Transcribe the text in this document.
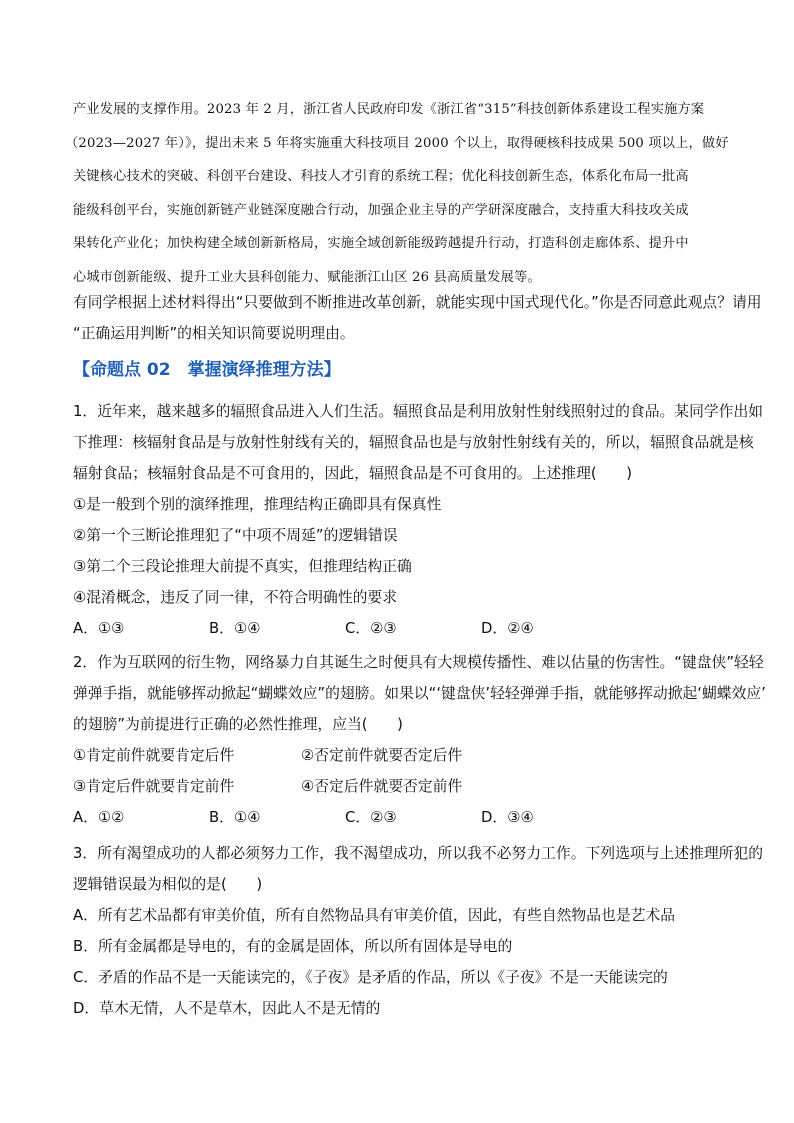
产业发展的支撑作用。2023 年 2 月，浙江省人民政府印发《浙江省“315”科技创新体系建设工程实施方案
（2023—2027 年）》，提出未来 5 年将实施重大科技项目 2000 个以上，取得硬核科技成果 500 项以上，做好
关键核心技术的突破、科创平台建设、科技人才引育的系统工程；优化科技创新生态，体系化布局一批高
能级科创平台，实施创新链产业链深度融合行动，加强企业主导的产学研深度融合，支持重大科技攻关成
果转化产业化；加快构建全域创新新格局，实施全域创新能级跨越提升行动，打造科创走廊体系、提升中
心城市创新能级、提升工业大县科创能力、赋能浙江山区 26 县高质量发展等。
有同学根据上述材料得出“只要做到不断推进改革创新，就能实现中国式现代化。”你是否同意此观点？请用
“正确运用判断”的相关知识简要说明理由。
【命题点 02　掌握演绎推理方法】
1．近年来，越来越多的辐照食品进入人们生活。辐照食品是利用放射性射线照射过的食品。某同学作出如
下推理：核辐射食品是与放射性射线有关的，辐照食品也是与放射性射线有关的，所以，辐照食品就是核
辐射食品；核辐射食品是不可食用的，因此，辐照食品是不可食用的。上述推理(　　)
①是一般到个别的演绎推理，推理结构正确即具有保真性
②第一个三断论推理犯了“中项不周延”的逻辑错误
③第二个三段论推理大前提不真实，但推理结构正确
④混淆概念，违反了同一律，不符合明确性的要求
A．①③	B．①④	C．②③	D．②④
2．作为互联网的衍生物，网络暴力自其诞生之时便具有大规模传播性、难以估量的伤害性。“键盘侠”轻轻
弹弹手指，就能够挥动掀起“蝴蝶效应”的翅膀。如果以“‘键盘侠’轻轻弹弹手指，就能够挥动掀起‘蝴蝶效应’
的翅膀”为前提进行正确的必然性推理，应当(　　)
①肯定前件就要肯定后件	②否定前件就要否定后件
③肯定后件就要肯定前件	④否定后件就要否定前件
A．①②	B．①④	C．②③	D．③④
3．所有渴望成功的人都必须努力工作，我不渴望成功，所以我不必努力工作。下列选项与上述推理所犯的
逻辑错误最为相似的是(　　)
A．所有艺术品都有审美价值，所有自然物品具有审美价值，因此，有些自然物品也是艺术品
B．所有金属都是导电的，有的金属是固体，所以所有固体是导电的
C．矛盾的作品不是一天能读完的，《子夜》是矛盾的作品，所以《子夜》不是一天能读完的
D．草木无情，人不是草木，因此人不是无情的
